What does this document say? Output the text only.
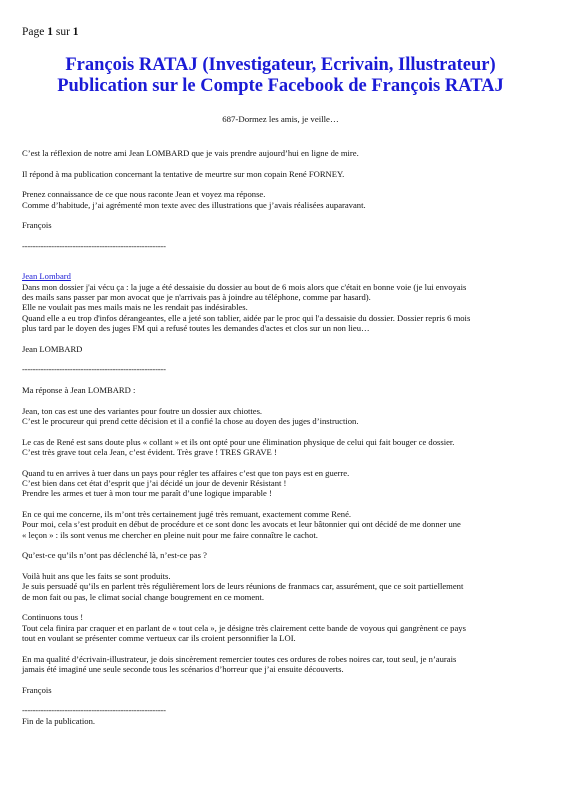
Page 1 sur 1
François RATAJ (Investigateur, Ecrivain, Illustrateur)
Publication sur le Compte Facebook de François RATAJ
687-Dormez les amis, je veille…

C’est la réflexion de notre ami Jean LOMBARD que je vais prendre aujourd’hui en ligne de mire.

Il répond à ma publication concernant la tentative de meurtre sur mon copain René FORNEY.

Prenez connaissance de ce que nous raconte Jean et voyez ma réponse.
Comme d’habitude, j’ai agrémenté mon texte avec des illustrations que j’avais réalisées auparavant.

François

------------------------------------------------------

Jean Lombard
Dans mon dossier j'ai vécu ça : la juge a été dessaisie du dossier au bout de 6 mois alors que c'était en bonne voie (je lui envoyais
des mails sans passer par mon avocat que je n'arrivais pas à joindre au téléphone, comme par hasard).
Elle ne voulait pas mes mails mais ne les rendait pas indésirables.
Quand elle a eu trop d'infos dérangeantes, elle a jeté son tablier, aidée par le proc qui l'a dessaisie du dossier. Dossier repris 6 mois
plus tard par le doyen des juges FM qui a refusé toutes les demandes d'actes et clos sur un non lieu…

Jean LOMBARD

------------------------------------------------------

Ma réponse à Jean LOMBARD :

Jean, ton cas est une des variantes pour foutre un dossier aux chiottes.
C’est le procureur qui prend cette décision et il a confié la chose au doyen des juges d’instruction.

Le cas de René est sans doute plus « collant » et ils ont opté pour une élimination physique de celui qui fait bouger ce dossier.
C’est très grave tout cela Jean, c’est évident. Très grave ! TRES GRAVE !

Quand tu en arrives à tuer dans un pays pour régler tes affaires c’est que ton pays est en guerre.
C’est bien dans cet état d’esprit que j’ai décidé un jour de devenir Résistant !
Prendre les armes et tuer à mon tour me paraît d’une logique imparable !

En ce qui me concerne, ils m’ont très certainement jugé très remuant, exactement comme René.
Pour moi, cela s’est produit en début de procédure et ce sont donc les avocats et leur bâtonnier qui ont décidé de me donner une
« leçon » : ils sont venus me chercher en pleine nuit pour me faire connaître le cachot.

Qu’est-ce qu’ils n’ont pas déclenché là, n’est-ce pas ?

Voilà huit ans que les faits se sont produits.
Je suis persuadé qu’ils en parlent très régulièrement lors de leurs réunions de franmacs car, assurément, que ce soit partiellement
de mon fait ou pas, le climat social change bougrement en ce moment.

Continuons tous !
Tout cela finira par craquer et en parlant de « tout cela », je désigne très clairement cette bande de voyous qui gangrènent ce pays
tout en voulant se présenter comme vertueux car ils croient personnifier la LOI.

En ma qualité d’écrivain-illustrateur, je dois sincèrement remercier toutes ces ordures de robes noires car, tout seul, je n’aurais
jamais été imaginé une seule seconde tous les scénarios d’horreur que j’ai ensuite découverts.

François

------------------------------------------------------

Fin de la publication.
